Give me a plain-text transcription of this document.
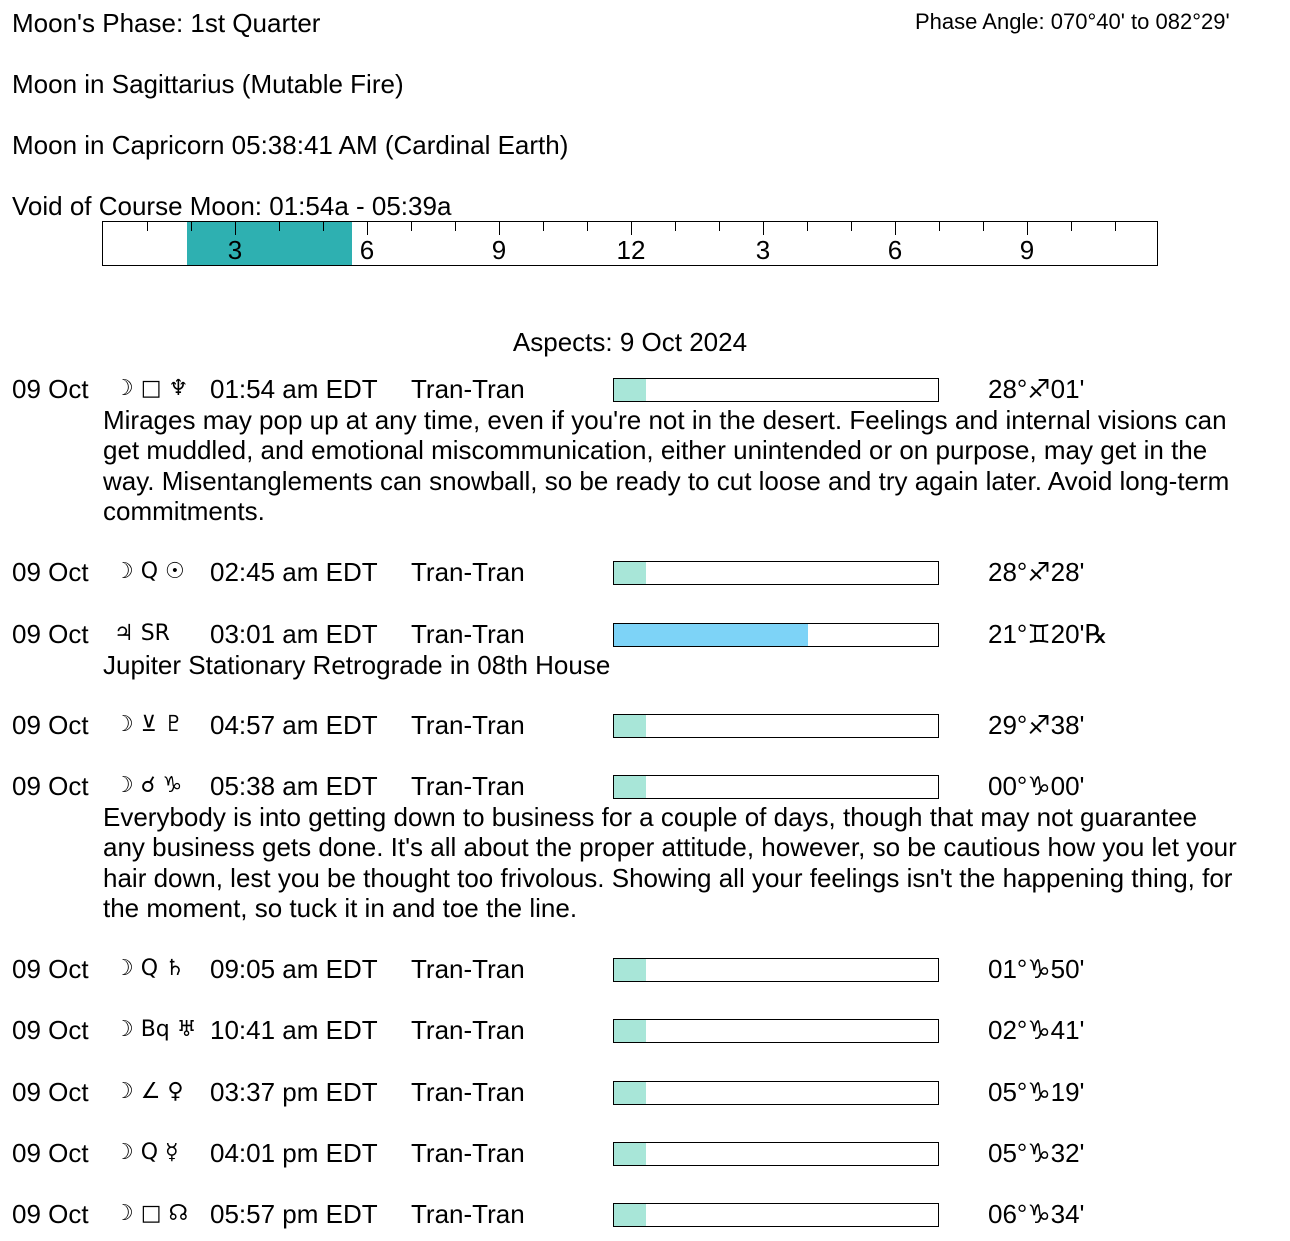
Moon's Phase: 1st Quarter	Phase Angle: 070°40' to 082°29'
Moon in Sagittarius (Mutable Fire)
Moon in Capricorn 05:38:41 AM (Cardinal Earth)
Void of Course Moon: 01:54a - 05:39a
3	6	9	12	3	6	9
Aspects: 9 Oct 2024
09 Oct ☽ □ ♆ 01:54 am EDT Tran-Tran	28°♐01'
Mirages may pop up at any time, even if you're not in the desert. Feelings and internal visions can get muddled, and emotional miscommunication, either unintended or on purpose, may get in the way. Misentanglements can snowball, so be ready to cut loose and try again later. Avoid long-term commitments.
09 Oct ☽ Q ☉ 02:45 am EDT Tran-Tran	28°♐28'
09 Oct ♃ SR 03:01 am EDT Tran-Tran	21°♊20'℞
Jupiter Stationary Retrograde in 08th House
09 Oct ☽ ⊻ ♇ 04:57 am EDT Tran-Tran	29°♐38'
09 Oct ☽ ☌ ♑ 05:38 am EDT Tran-Tran	00°♑00'
Everybody is into getting down to business for a couple of days, though that may not guarantee any business gets done. It's all about the proper attitude, however, so be cautious how you let your hair down, lest you be thought too frivolous. Showing all your feelings isn't the happening thing, for the moment, so tuck it in and toe the line.
09 Oct ☽ Q ♄ 09:05 am EDT Tran-Tran	01°♑50'
09 Oct ☽ Bq ♅ 10:41 am EDT Tran-Tran	02°♑41'
09 Oct ☽ ∠ ♀ 03:37 pm EDT Tran-Tran	05°♑19'
09 Oct ☽ Q ☿ 04:01 pm EDT Tran-Tran	05°♑32'
09 Oct ☽ □ ☊ 05:57 pm EDT Tran-Tran	06°♑34'
